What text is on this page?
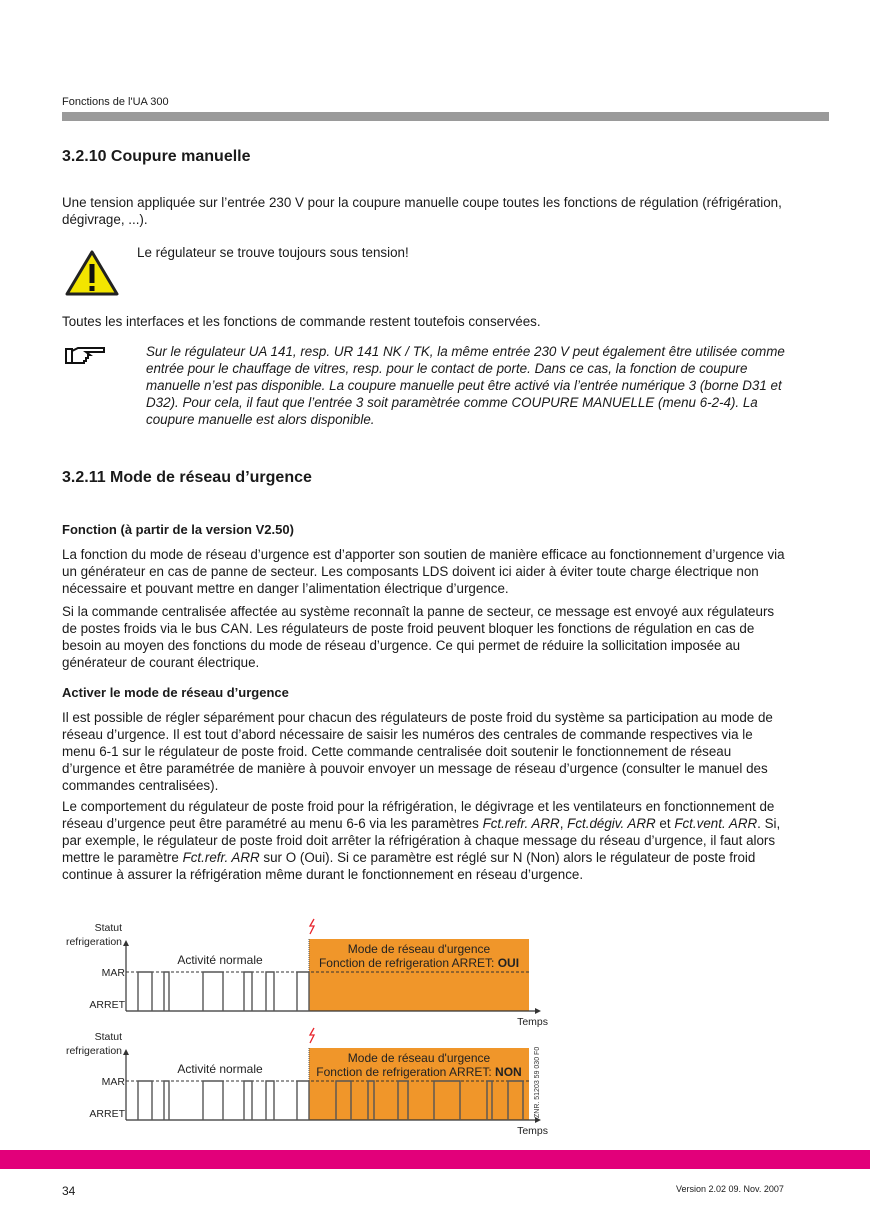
Fonctions de l'UA 300
3.2.10 Coupure manuelle
Une tension appliquée sur l’entrée 230 V pour la coupure manuelle coupe toutes les fonctions de régulation (réfrigération, dégivrage, ...).
Le régulateur se trouve toujours sous tension!
Toutes les interfaces et les fonctions de commande restent toutefois conservées.
Sur le régulateur UA 141, resp. UR 141 NK / TK, la même entrée 230 V peut également être utilisée comme entrée pour le chauffage de vitres, resp. pour le contact de porte. Dans ce cas, la fonction de coupure manuelle n’est pas disponible. La coupure manuelle peut être activé via l’entrée numérique 3 (borne D31 et D32). Pour cela, il faut que l’entrée 3 soit paramètrée comme COUPURE MANUELLE (menu 6-2-4). La coupure manuelle est alors disponible.
3.2.11 Mode de réseau d’urgence
Fonction (à partir de la version V2.50)
La fonction du mode de réseau d’urgence est d’apporter son soutien de manière efficace au fonctionnement d’urgence via un générateur en cas de panne de secteur. Les composants LDS doivent ici aider à éviter toute charge électrique non nécessaire et pouvant mettre en danger l’alimentation électrique d’urgence.
Si la commande centralisée affectée au système reconnaît la panne de secteur, ce message est envoyé aux régulateurs de postes froids via le bus CAN. Les régulateurs de poste froid peuvent bloquer les fonctions de régulation en cas de besoin au moyen des fonctions du mode de réseau d’urgence. Ce qui permet de réduire la sollicitation imposée au générateur de courant électrique.
Activer le mode de réseau d’urgence
Il est possible de régler séparément pour chacun des régulateurs de poste froid du système sa participation au mode de réseau d’urgence. Il est tout d’abord nécessaire de saisir les numéros des centrales de commande respectives via le menu 6-1 sur le régulateur de poste froid. Cette commande centralisée doit soutenir le fonctionnement de réseau d’urgence et être paramétrée de manière à pouvoir envoyer un message de réseau d’urgence (consulter le manuel des commandes centralisées).
Le comportement du régulateur de poste froid pour la réfrigération, le dégivrage et les ventilateurs en fonctionnement de réseau d’urgence peut être paramétré au menu 6-6 via les paramètres Fct.refr. ARR, Fct.dégiv. ARR et Fct.vent. ARR. Si, par exemple, le régulateur de poste froid doit arrêter la réfrigération à chaque message du réseau d’urgence, il faut alors mettre le paramètre Fct.refr. ARR sur O (Oui). Si ce paramètre est réglé sur N (Non) alors le régulateur de poste froid continue à assurer la réfrigération même durant le fonctionnement en réseau d’urgence.
Statut
refrigeration
MAR
ARRET
Temps
Activité normale
Mode de réseau d'urgence
Fonction de refrigeration ARRET: OUI
Statut
refrigeration
MAR
ARRET
Temps
Activité normale
Mode de réseau d'urgence
Fonction de refrigeration ARRET: NON ZNR. 51203 59 030 F0
34	Version 2.02 09. Nov. 2007
